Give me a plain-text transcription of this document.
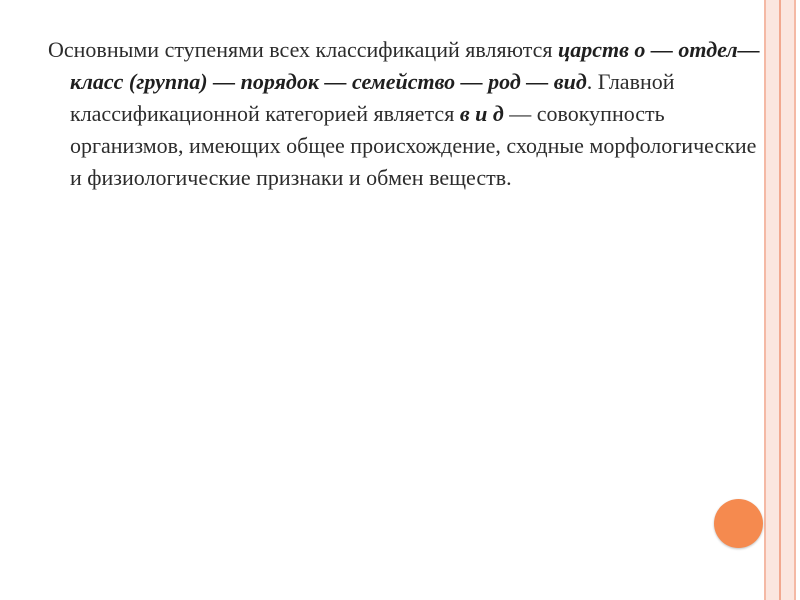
Основными ступенями всех классификаций являются царств о — отдел—класс (группа) — порядок — семейство — род — вид. Главной классификационной категорией является в и д — совокупность организмов, имеющих общее происхождение, сходные морфологические и физиологические признаки и обмен веществ.
